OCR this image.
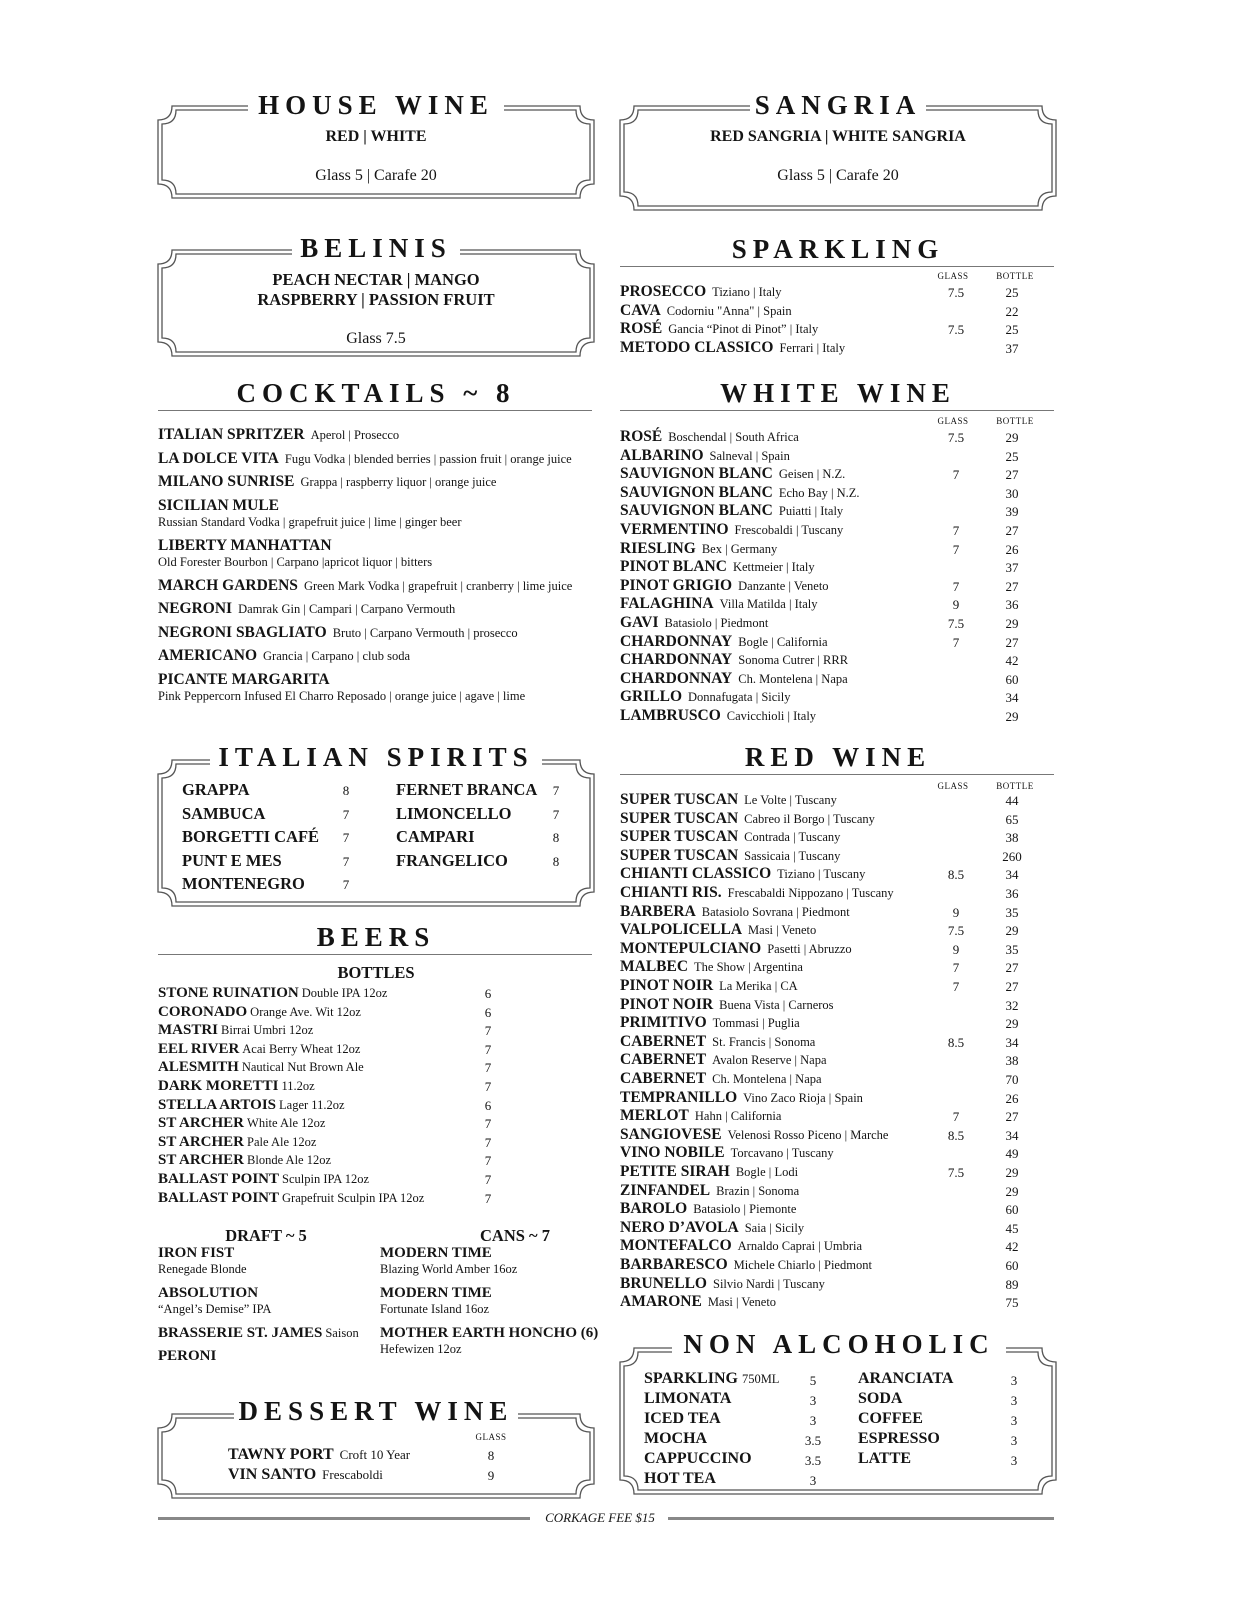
HOUSE WINE
RED | WHITE
Glass 5 | Carafe 20
SANGRIA
RED SANGRIA | WHITE SANGRIA
Glass 5 | Carafe 20
BELINIS
PEACH NECTAR | MANGO
RASPBERRY | PASSION FRUIT
Glass 7.5
SPARKLING
GLASS	BOTTLE
PROSECCO Tiziano | Italy	7.5	25
CAVA Codorniu "Anna" | Spain	22
ROSÉ Gancia “Pinot di Pinot” | Italy	7.5	25
METODO CLASSICO Ferrari | Italy	37
COCKTAILS ~ 8
ITALIAN SPRITZER Aperol | Prosecco
LA DOLCE VITA Fugu Vodka | blended berries | passion fruit | orange juice
MILANO SUNRISE Grappa | raspberry liquor | orange juice
SICILIAN MULE
Russian Standard Vodka | grapefruit juice | lime | ginger beer
LIBERTY MANHATTAN
Old Forester Bourbon | Carpano |apricot liquor | bitters
MARCH GARDENS Green Mark Vodka | grapefruit | cranberry | lime juice
NEGRONI Damrak Gin | Campari | Carpano Vermouth
NEGRONI SBAGLIATO Bruto | Carpano Vermouth | prosecco
AMERICANO Grancia | Carpano | club soda
PICANTE MARGARITA
Pink Peppercorn Infused El Charro Reposado | orange juice | agave | lime
WHITE WINE
GLASS	BOTTLE
ROSÉ Boschendal | South Africa	7.5	29
ALBARINO Salneval | Spain	25
SAUVIGNON BLANC Geisen | N.Z.	7	27
SAUVIGNON BLANC Echo Bay | N.Z.	30
SAUVIGNON BLANC Puiatti | Italy	39
VERMENTINO Frescobaldi | Tuscany	7	27
RIESLING Bex | Germany	7	26
PINOT BLANC Kettmeier | Italy	37
PINOT GRIGIO Danzante | Veneto	7	27
FALAGHINA Villa Matilda | Italy	9	36
GAVI Batasiolo | Piedmont	7.5	29
CHARDONNAY Bogle | California	7	27
CHARDONNAY Sonoma Cutrer | RRR	42
CHARDONNAY Ch. Montelena | Napa	60
GRILLO Donnafugata | Sicily	34
LAMBRUSCO Cavicchioli | Italy	29
ITALIAN SPIRITS
GRAPPA	8
SAMBUCA	7
BORGETTI CAFÉ	7
PUNT E MES	7
MONTENEGRO	7
FERNET BRANCA	7
LIMONCELLO	7
CAMPARI	8
FRANGELICO	8
RED WINE
GLASS	BOTTLE
SUPER TUSCAN Le Volte | Tuscany	44
SUPER TUSCAN Cabreo il Borgo | Tuscany	65
SUPER TUSCAN Contrada | Tuscany	38
SUPER TUSCAN Sassicaia | Tuscany	260
CHIANTI CLASSICO Tiziano | Tuscany	8.5	34
CHIANTI RIS. Frescabaldi Nippozano | Tuscany	36
BARBERA Batasiolo Sovrana | Piedmont	9	35
VALPOLICELLA Masi | Veneto	7.5	29
MONTEPULCIANO Pasetti | Abruzzo	9	35
MALBEC The Show | Argentina	7	27
PINOT NOIR La Merika | CA	7	27
PINOT NOIR Buena Vista | Carneros	32
PRIMITIVO Tommasi | Puglia	29
CABERNET St. Francis | Sonoma	8.5	34
CABERNET Avalon Reserve | Napa	38
CABERNET Ch. Montelena | Napa	70
TEMPRANILLO Vino Zaco Rioja | Spain	26
MERLOT Hahn | California	7	27
SANGIOVESE Velenosi Rosso Piceno | Marche	8.5	34
VINO NOBILE Torcavano | Tuscany	49
PETITE SIRAH Bogle | Lodi	7.5	29
ZINFANDEL Brazin | Sonoma	29
BAROLO Batasiolo | Piemonte	60
NERO D’AVOLA Saia | Sicily	45
MONTEFALCO Arnaldo Caprai | Umbria	42
BARBARESCO Michele Chiarlo | Piedmont	60
BRUNELLO Silvio Nardi | Tuscany	89
AMARONE Masi | Veneto	75
BEERS
BOTTLES
STONE RUINATION Double IPA 12oz	6
CORONADO Orange Ave. Wit 12oz	6
MASTRI Birrai Umbri 12oz	7
EEL RIVER Acai Berry Wheat 12oz	7
ALESMITH Nautical Nut Brown Ale	7
DARK MORETTI 11.2oz	7
STELLA ARTOIS Lager 11.2oz	6
ST ARCHER White Ale 12oz	7
ST ARCHER Pale Ale 12oz	7
ST ARCHER Blonde Ale 12oz	7
BALLAST POINT Sculpin IPA 12oz	7
BALLAST POINT Grapefruit Sculpin IPA 12oz	7
DRAFT ~ 5	CANS ~ 7
IRON FIST
Renegade Blonde
ABSOLUTION
“Angel’s Demise” IPA
BRASSERIE ST. JAMES Saison
PERONI
MODERN TIME
Blazing World Amber 16oz
MODERN TIME
Fortunate Island 16oz
MOTHER EARTH HONCHO (6)
Hefewizen 12oz	NON ALCOHOLIC
SPARKLING 750ML	5
LIMONATA	3
ICED TEA	3
MOCHA	3.5
CAPPUCCINO	3.5
HOT TEA	3
ARANCIATA	3
SODA	3
COFFEE	3
ESPRESSO	3
LATTE	3
DESSERT WINE
GLASS
TAWNY PORT Croft 10 Year	8
VIN SANTO Frescaboldi	9
CORKAGE FEE $15
